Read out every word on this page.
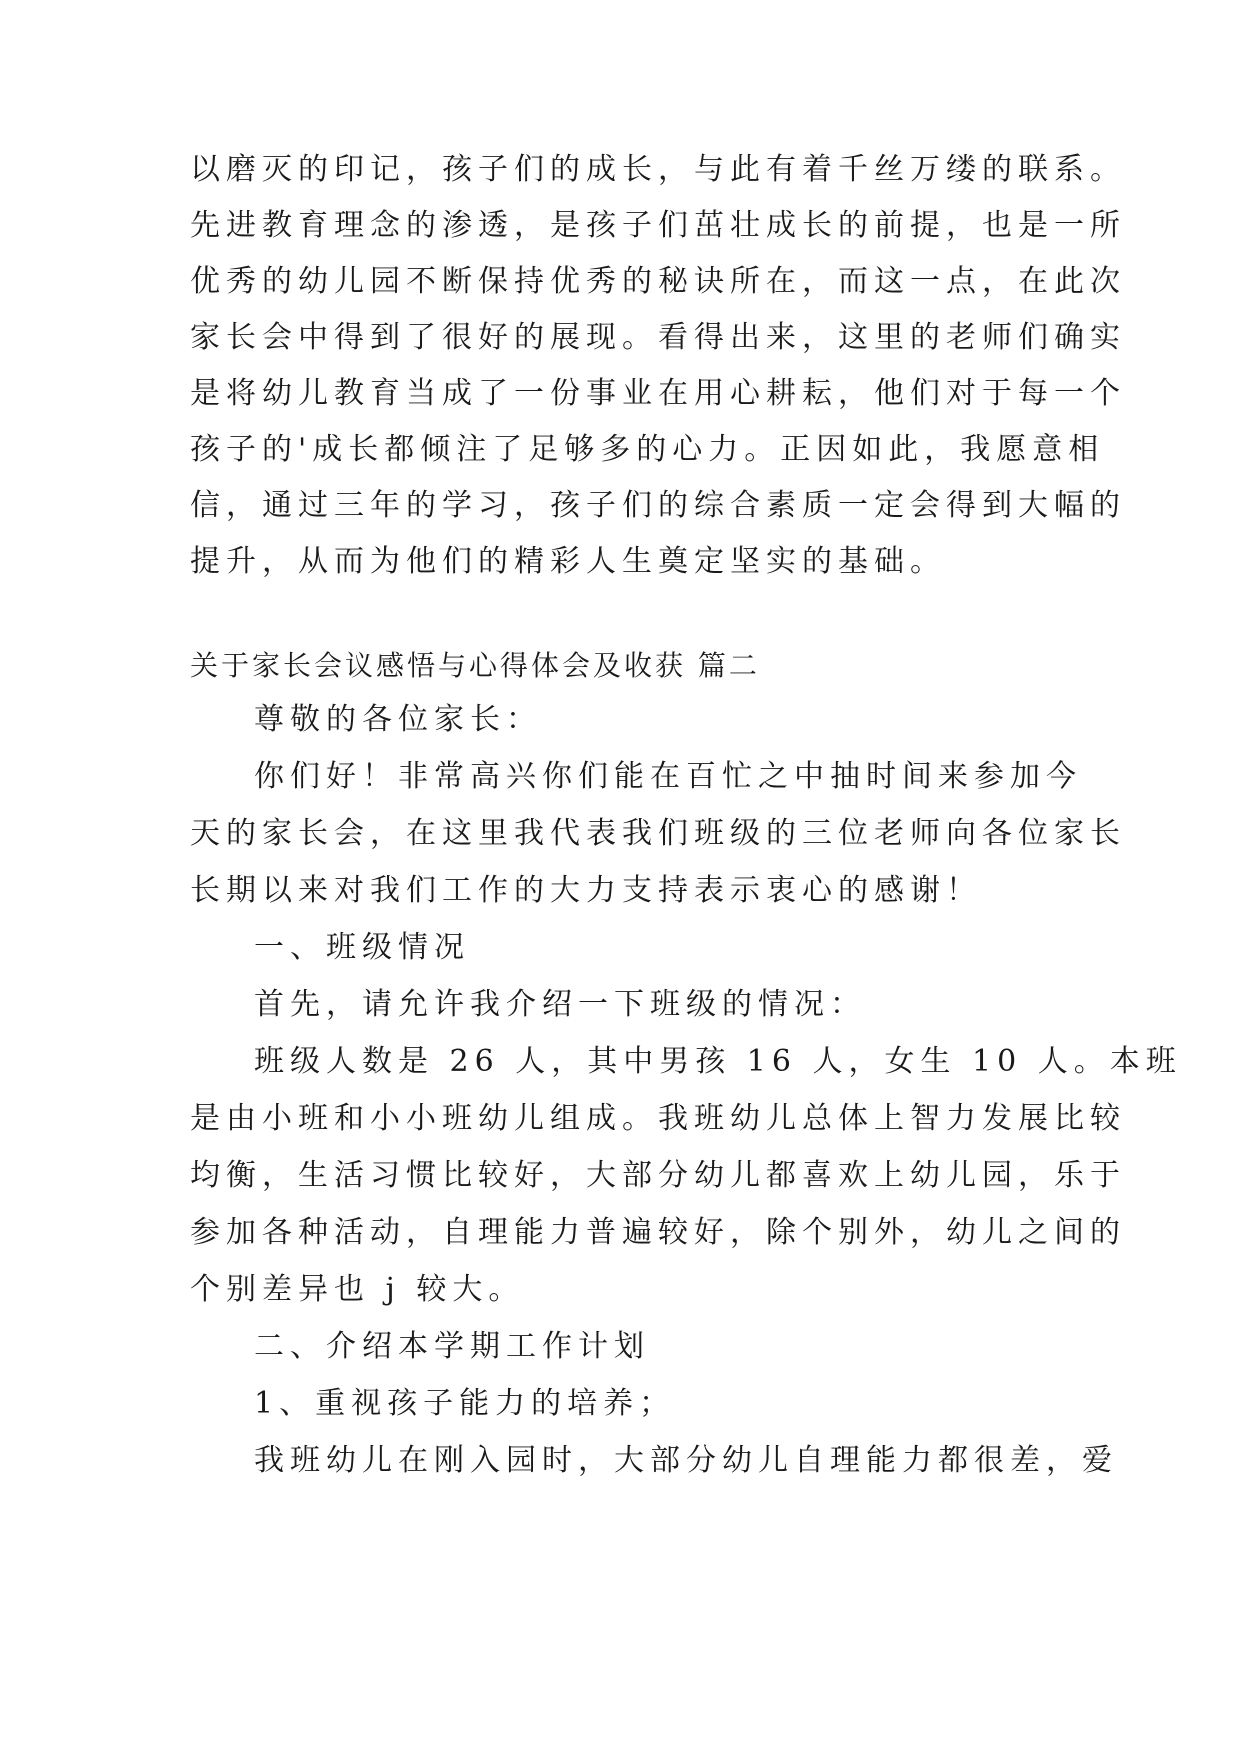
以磨灭的印记，孩子们的成长，与此有着千丝万缕的联系。
先进教育理念的渗透，是孩子们茁壮成长的前提，也是一所
优秀的幼儿园不断保持优秀的秘诀所在，而这一点，在此次
家长会中得到了很好的展现。看得出来，这里的老师们确实
是将幼儿教育当成了一份事业在用心耕耘，他们对于每一个
孩子的'成长都倾注了足够多的心力。正因如此，我愿意相
信，通过三年的学习，孩子们的综合素质一定会得到大幅的
提升，从而为他们的精彩人生奠定坚实的基础。
关于家长会议感悟与心得体会及收获 篇二
尊敬的各位家长：
你们好！非常高兴你们能在百忙之中抽时间来参加今
天的家长会，在这里我代表我们班级的三位老师向各位家长
长期以来对我们工作的大力支持表示衷心的感谢！
一、班级情况
首先，请允许我介绍一下班级的情况：
班级人数是 26 人，其中男孩 16 人，女生 10 人。本班
是由小班和小小班幼儿组成。我班幼儿总体上智力发展比较
均衡，生活习惯比较好，大部分幼儿都喜欢上幼儿园，乐于
参加各种活动，自理能力普遍较好，除个别外，幼儿之间的
个别差异也 j 较大。
二、介绍本学期工作计划
1、重视孩子能力的培养；
我班幼儿在刚入园时，大部分幼儿自理能力都很差，爱
